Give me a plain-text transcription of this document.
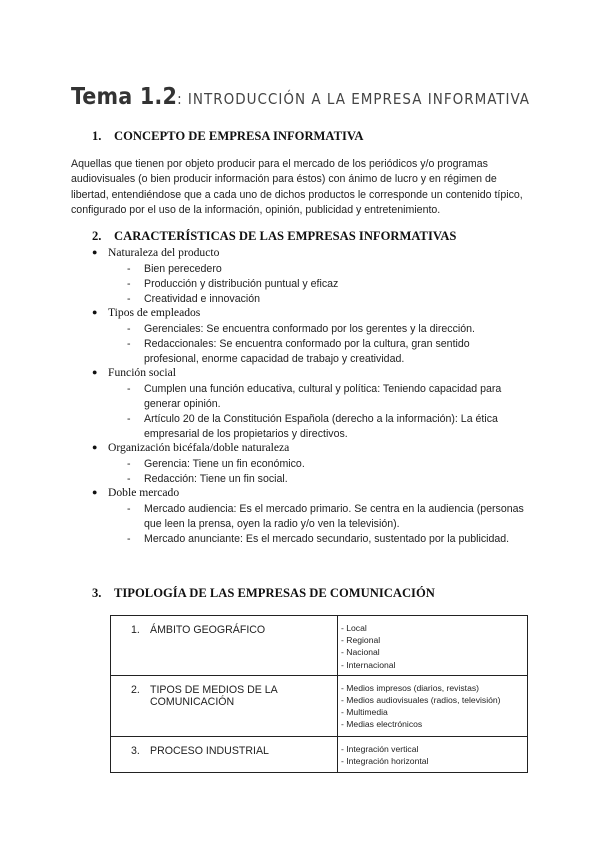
Tema 1.2: INTRODUCCIÓN A LA EMPRESA INFORMATIVA
1. CONCEPTO DE EMPRESA INFORMATIVA
Aquellas que tienen por objeto producir para el mercado de los periódicos y/o programas audiovisuales (o bien producir información para éstos) con ánimo de lucro y en régimen de libertad, entendiéndose que a cada uno de dichos productos le corresponde un contenido típico, configurado por el uso de la información, opinión, publicidad y entretenimiento.
2. CARACTERÍSTICAS DE LAS EMPRESAS INFORMATIVAS
● Naturaleza del producto
- Bien perecedero
- Producción y distribución puntual y eficaz
- Creatividad e innovación
● Tipos de empleados
- Gerenciales: Se encuentra conformado por los gerentes y la dirección.
- Redaccionales: Se encuentra conformado por la cultura, gran sentido profesional, enorme capacidad de trabajo y creatividad.
● Función social
- Cumplen una función educativa, cultural y política: Teniendo capacidad para generar opinión.
- Artículo 20 de la Constitución Española (derecho a la información): La ética empresarial de los propietarios y directivos.
● Organización bicéfala/doble naturaleza
- Gerencia: Tiene un fin económico.
- Redacción: Tiene un fin social.
● Doble mercado
- Mercado audiencia: Es el mercado primario. Se centra en la audiencia (personas que leen la prensa, oyen la radio y/o ven la televisión).
- Mercado anunciante: Es el mercado secundario, sustentado por la publicidad.
3. TIPOLOGÍA DE LAS EMPRESAS DE COMUNICACIÓN
1. ÁMBITO GEOGRÁFICO	- Local
- Regional
- Nacional
- Internacional

2. TIPOS DE MEDIOS DE LA COMUNICACIÓN	- Medios impresos (diarios, revistas)
- Medios audiovisuales (radios, televisión)
- Multimedia
- Medias electrónicos

3. PROCESO INDUSTRIAL	- Integración vertical
- Integración horizontal
